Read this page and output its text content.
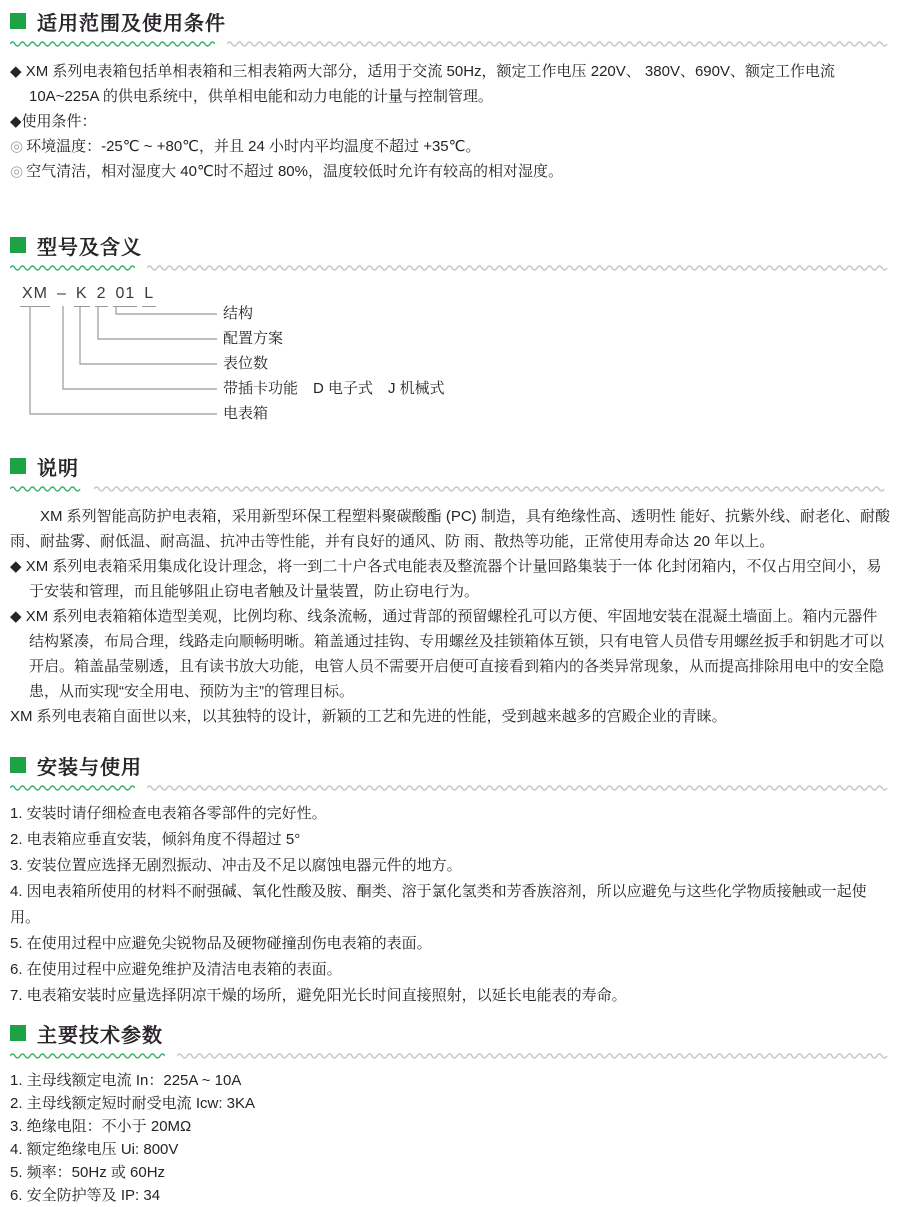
适用范围及使用条件

◆ XM 系列电表箱包括单相表箱和三相表箱两大部分，适用于交流 50Hz，额定工作电压 220V、 380V、690V、额定工作电流 10A~225A 的供电系统中，供单相电能和动力电能的计量与控制管理。

◆使用条件：

◎ 环境温度：-25℃ ~ +80℃，并且 24 小时内平均温度不超过 +35℃。

◎ 空气清洁，相对湿度大 40℃时不超过 80%，温度较低时允许有较高的相对湿度。

型号及含义
XM – K 2 01 L
结构
配置方案
表位数
带插卡功能　D 电子式　J 机械式
电表箱
说明

XM 系列智能高防护电表箱，采用新型环保工程塑料聚碳酸酯 (PC) 制造，具有绝缘性高、透明性 能好、抗紫外线、耐老化、耐酸雨、耐盐雾、耐低温、耐高温、抗冲击等性能，并有良好的通风、防 雨、散热等功能，正常使用寿命达 20 年以上。

◆ XM 系列电表箱采用集成化设计理念，将一到二十户各式电能表及整流器个计量回路集装于一体 化封闭箱内，不仅占用空间小，易于安装和管理，而且能够阻止窃电者触及计量装置，防止窃电行为。

◆ XM 系列电表箱箱体造型美观，比例均称、线条流畅，通过背部的预留螺栓孔可以方便、牢固地安装在混凝土墙面上。箱内元器件结构紧凑，布局合理，线路走向顺畅明晰。箱盖通过挂钩、专用螺丝及挂锁箱体互锁，只有电管人员借专用螺丝扳手和钥匙才可以开启。箱盖晶莹剔透，且有读书放大功能，电管人员不需要开启便可直接看到箱内的各类异常现象，从而提高排除用电中的安全隐患，从而实现“安全用电、预防为主”的管理目标。

XM 系列电表箱自面世以来，以其独特的设计，新颖的工艺和先进的性能，受到越来越多的宫殿企业的青睐。

安装与使用
1. 安装时请仔细检查电表箱各零部件的完好性。
2. 电表箱应垂直安装，倾斜角度不得超过 5°
3. 安装位置应选择无剧烈振动、冲击及不足以腐蚀电器元件的地方。
4. 因电表箱所使用的材料不耐强碱、氧化性酸及胺、酮类、溶于氯化氢类和芳香族溶剂，所以应避免与这些化学物质接触或一起使用。
5. 在使用过程中应避免尖锐物品及硬物碰撞刮伤电表箱的表面。
6. 在使用过程中应避免维护及清洁电表箱的表面。
7. 电表箱安装时应量选择阴凉干燥的场所，避免阳光长时间直接照射，以延长电能表的寿命。
主要技术参数
1. 主母线额定电流 In：225A ~ 10A
2. 主母线额定短时耐受电流 Icw: 3KA
3. 绝缘电阻：不小于 20MΩ
4. 额定绝缘电压 Ui: 800V
5. 频率：50Hz 或 60Hz
6. 安全防护等及 IP: 34
